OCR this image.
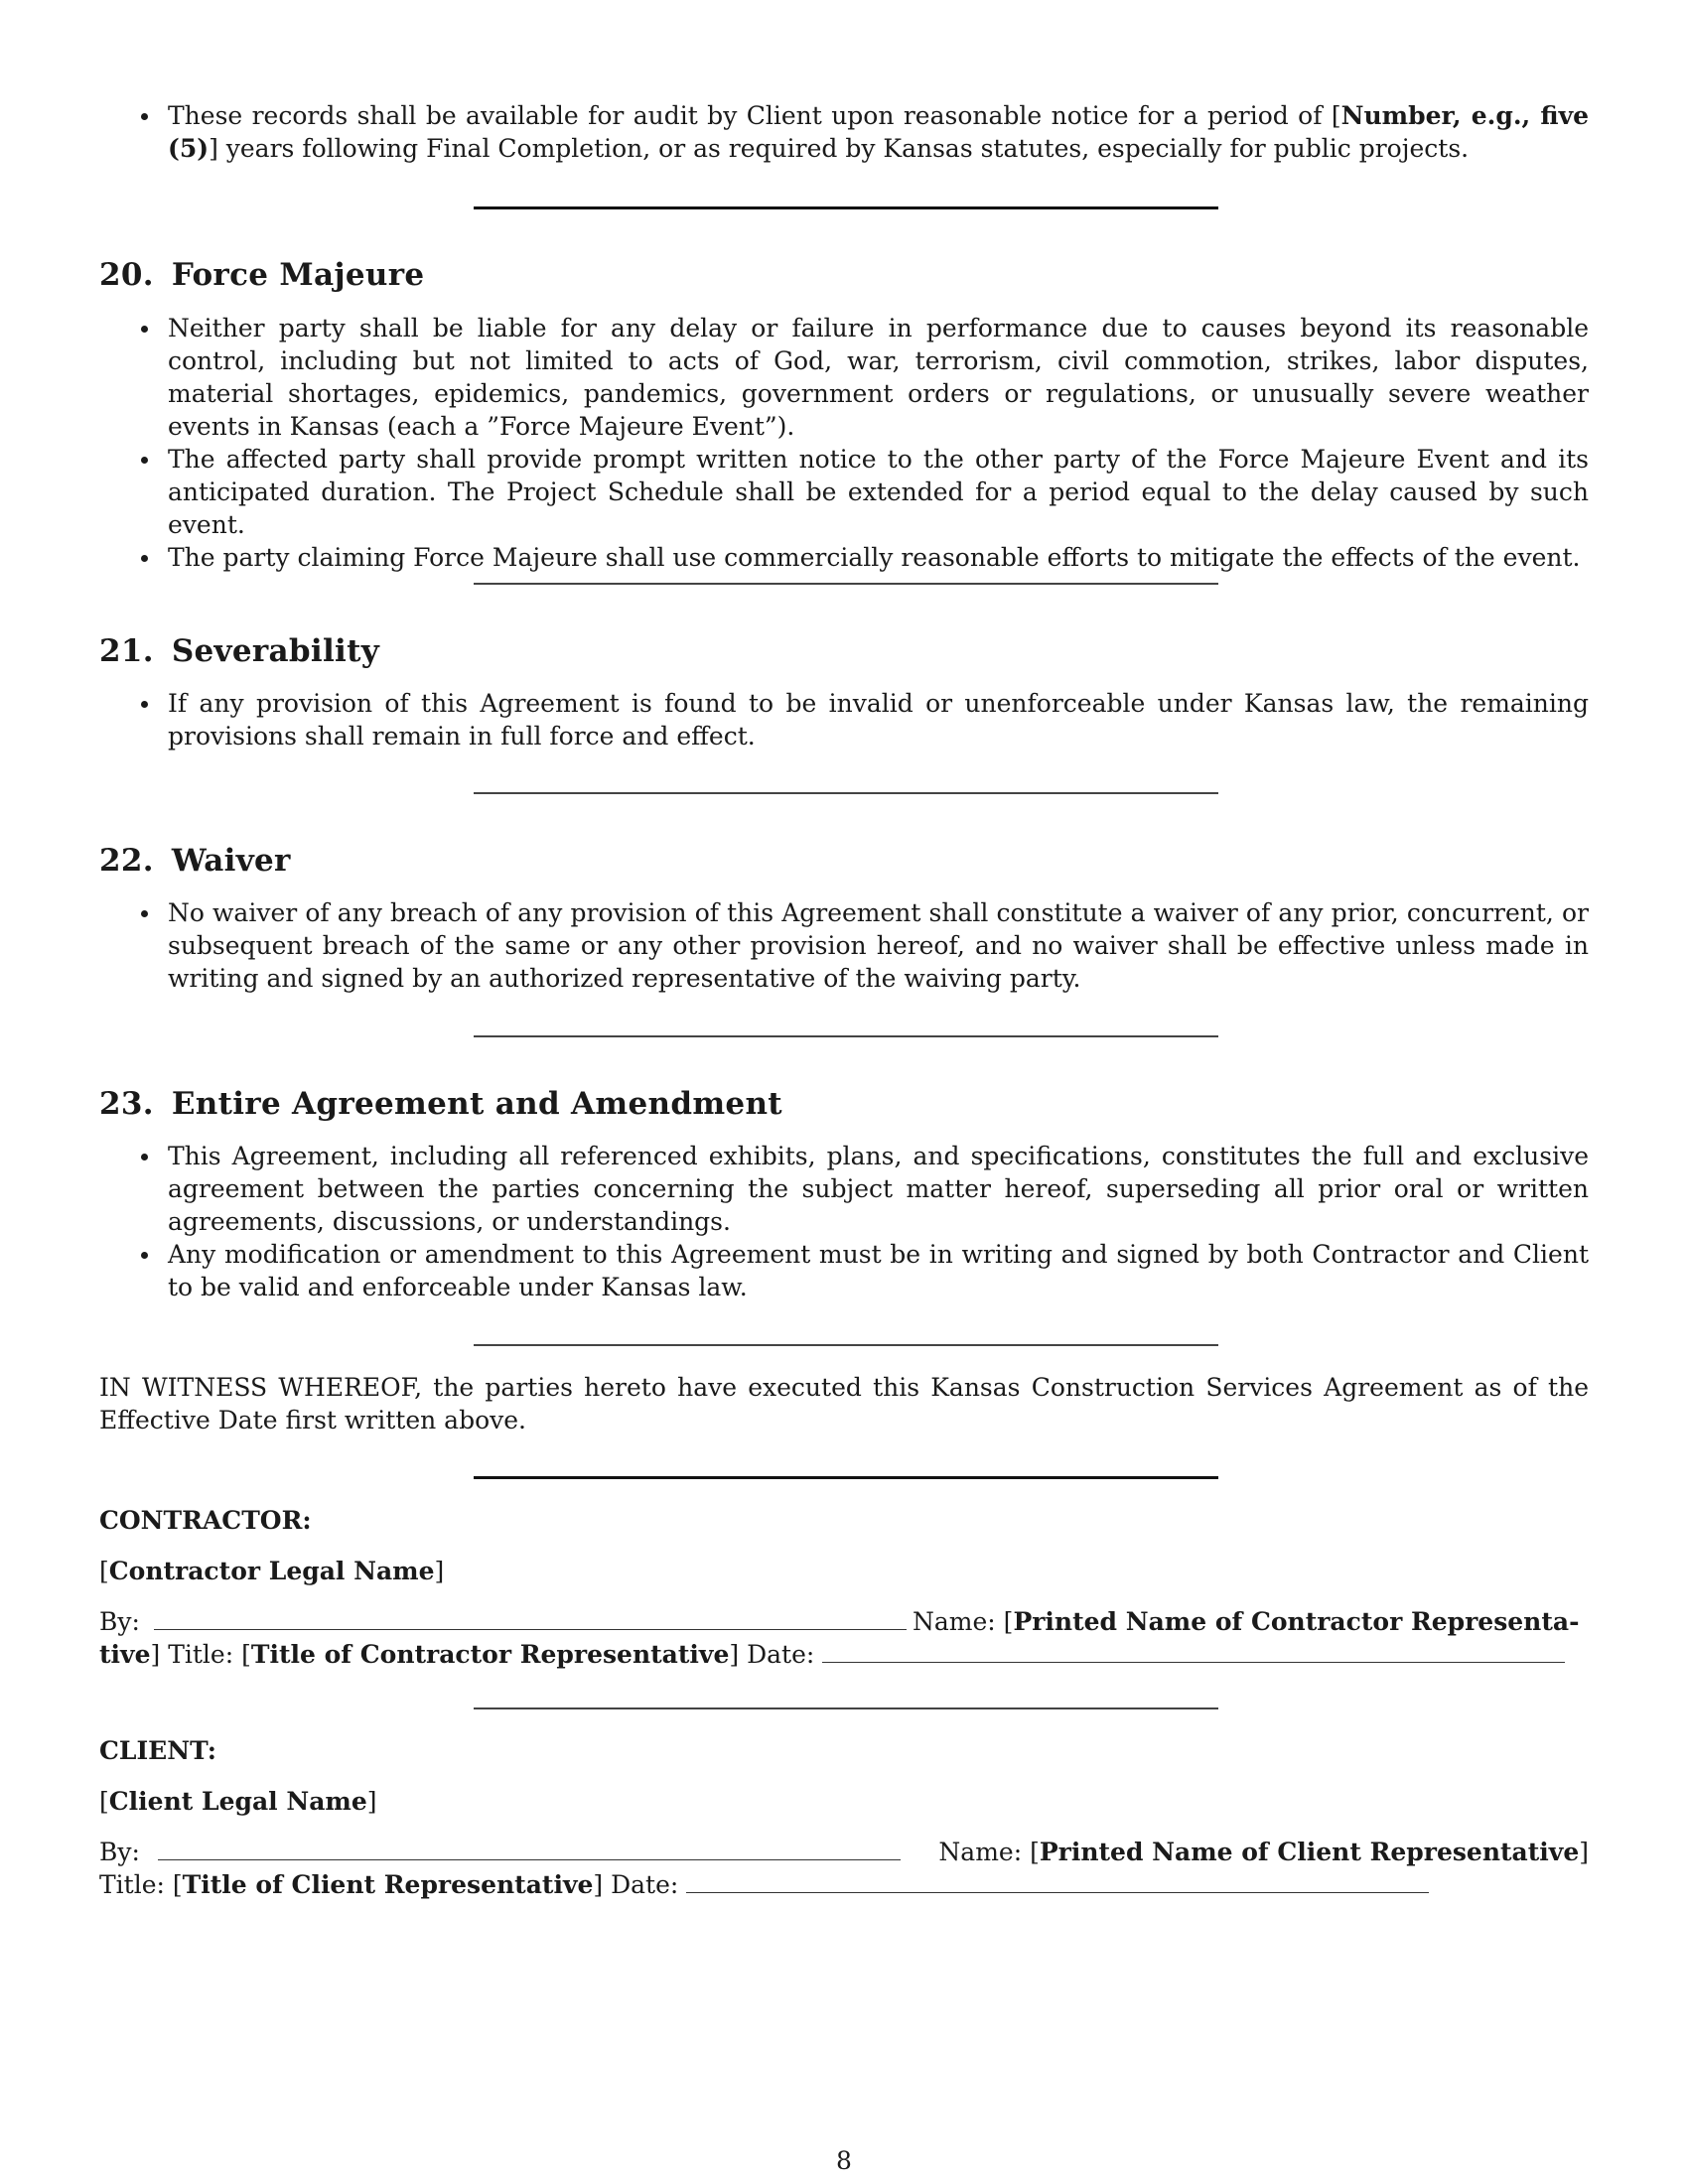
These records shall be available for audit by Client upon reasonable notice for a period of [Number, e.g., five (5)] years following Final Completion, or as required by Kansas statutes, especially for public projects.
20. Force Majeure
Neither party shall be liable for any delay or failure in performance due to causes beyond its reasonable control, including but not limited to acts of God, war, terrorism, civil commotion, strikes, labor disputes, material shortages, epidemics, pandemics, government orders or regulations, or unusually severe weather events in Kansas (each a ”Force Majeure Event”).
The affected party shall provide prompt written notice to the other party of the Force Majeure Event and its anticipated duration. The Project Schedule shall be extended for a period equal to the delay caused by such event.
The party claiming Force Majeure shall use commercially reasonable efforts to mitigate the effects of the event.
21. Severability
If any provision of this Agreement is found to be invalid or unenforceable under Kansas law, the remaining provisions shall remain in full force and effect.
22. Waiver
No waiver of any breach of any provision of this Agreement shall constitute a waiver of any prior, concurrent, or subsequent breach of the same or any other provision hereof, and no waiver shall be effective unless made in writing and signed by an authorized representative of the waiving party.
23. Entire Agreement and Amendment
This Agreement, including all referenced exhibits, plans, and specifications, constitutes the full and exclusive agreement between the parties concerning the subject matter hereof, superseding all prior oral or written agreements, discussions, or understandings.
Any modification or amendment to this Agreement must be in writing and signed by both Contractor and Client to be valid and enforceable under Kansas law.
IN WITNESS WHEREOF, the parties hereto have executed this Kansas Construction Services Agreement as of the Effective Date first written above.
CONTRACTOR:
[Contractor Legal Name]
By:	Name: [Printed Name of Contractor Representa-
tive] Title: [Title of Contractor Representative] Date:
CLIENT:
[Client Legal Name]
By:	Name: [Printed Name of Client Representative]
Title: [Title of Client Representative] Date:
8
